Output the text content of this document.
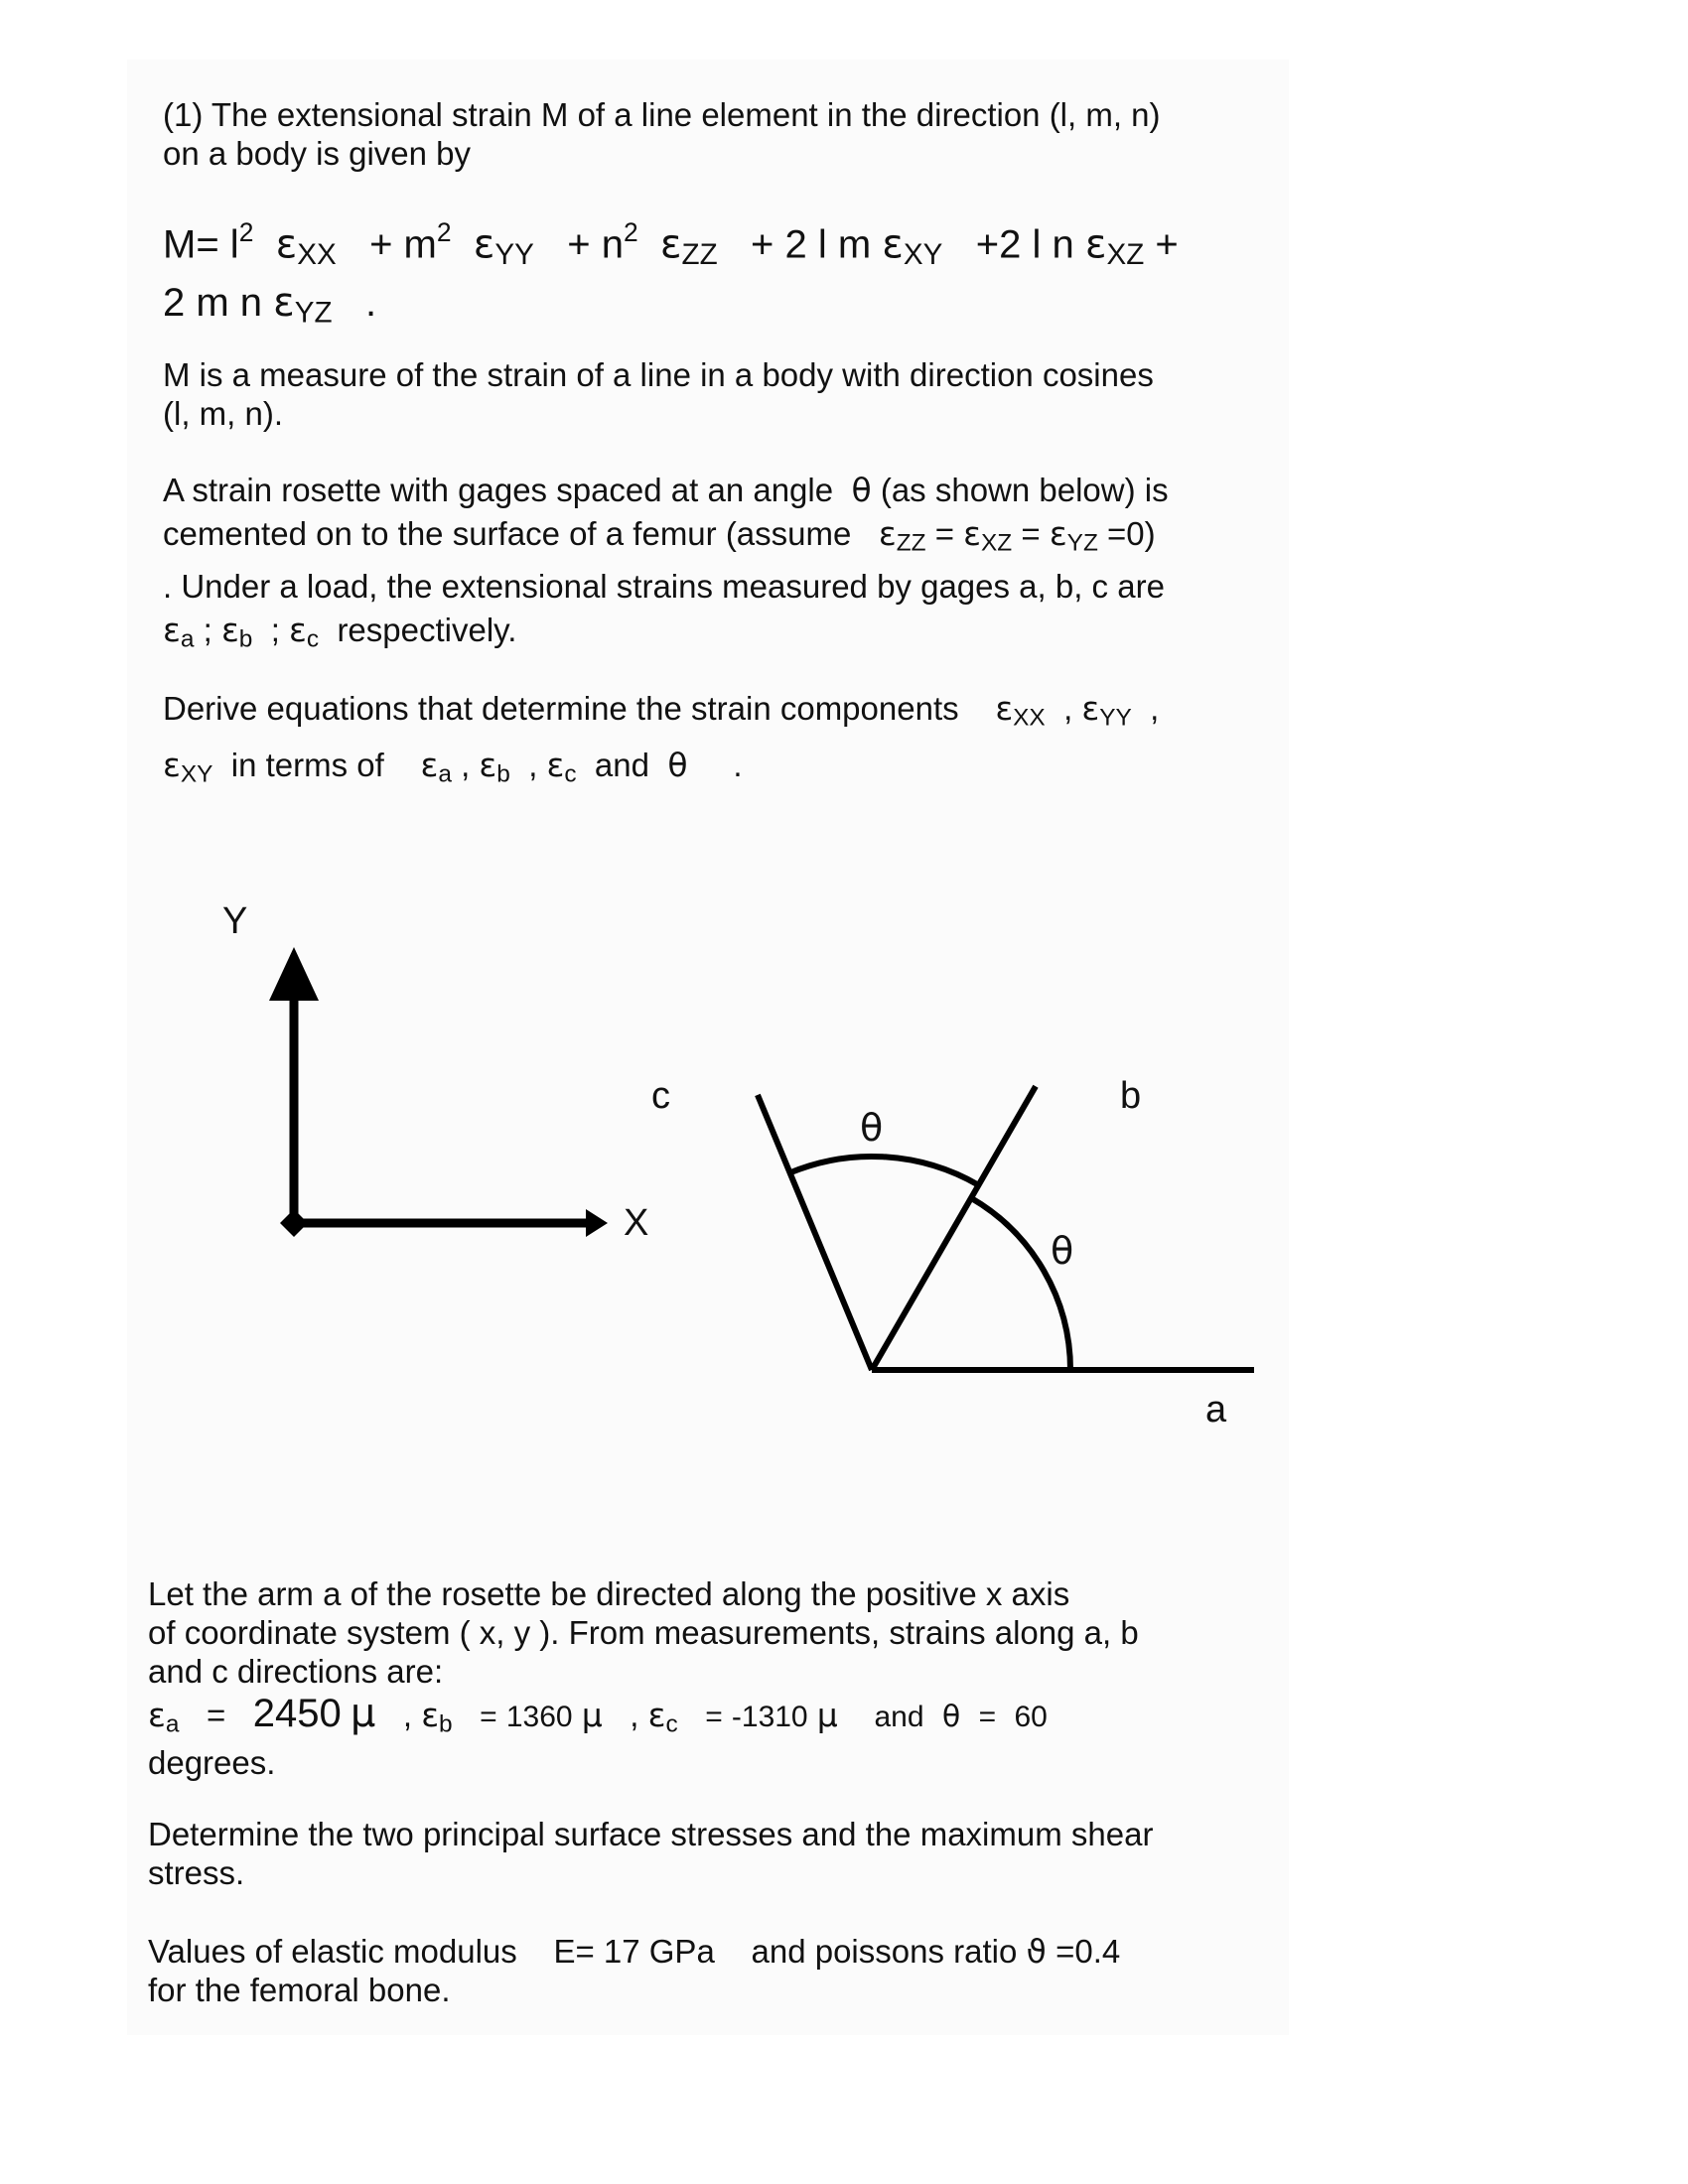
(1) The extensional strain M of a line element in the direction (l, m, n)
on a body is given by
$M= l^2$ $\varepsilon_{XX} + m^2$ $\varepsilon_{YY} + n^2$ $\varepsilon_{ZZ} + 2$ l m $\varepsilon_{XY} +2$ l n $\varepsilon_{XZ}$ +
2 m n $\varepsilon_{YZ}$ .
M is a measure of the strain of a line in a body with direction cosines
(l, m, n).
A strain rosette with gages spaced at an angle θ (as shown below) is
cemented on to the surface of a femur (assume $\varepsilon_{ZZ} = \varepsilon_{XZ} = \varepsilon_{YZ} =0$)
. Under a load, the extensional strains measured by gages a, b, c are
$\varepsilon_a$ ; $\varepsilon_b$ ; $\varepsilon_c$ respectively.
Derive equations that determine the strain components $\varepsilon_{XX}$ , $\varepsilon_{YY}$ ,
$\varepsilon_{XY}$ in terms of $\varepsilon_a$ , $\varepsilon_b$ , $\varepsilon_c$ and θ .
Y
X
c
θ
b
θ
a
Let the arm a of the rosette be directed along the positive x axis
of coordinate system ( x, y ). From measurements, strains along a, b
and c directions are:
$\varepsilon_a = 2450$ μ , $\varepsilon_b = 1360$ μ , $\varepsilon_c = -1310$ μ and θ = 60
degrees.
Determine the two principal surface stresses and the maximum shear
stress.
Values of elastic modulus E= 17 GPa and poissons ratio ϑ =0.4
for the femoral bone.
